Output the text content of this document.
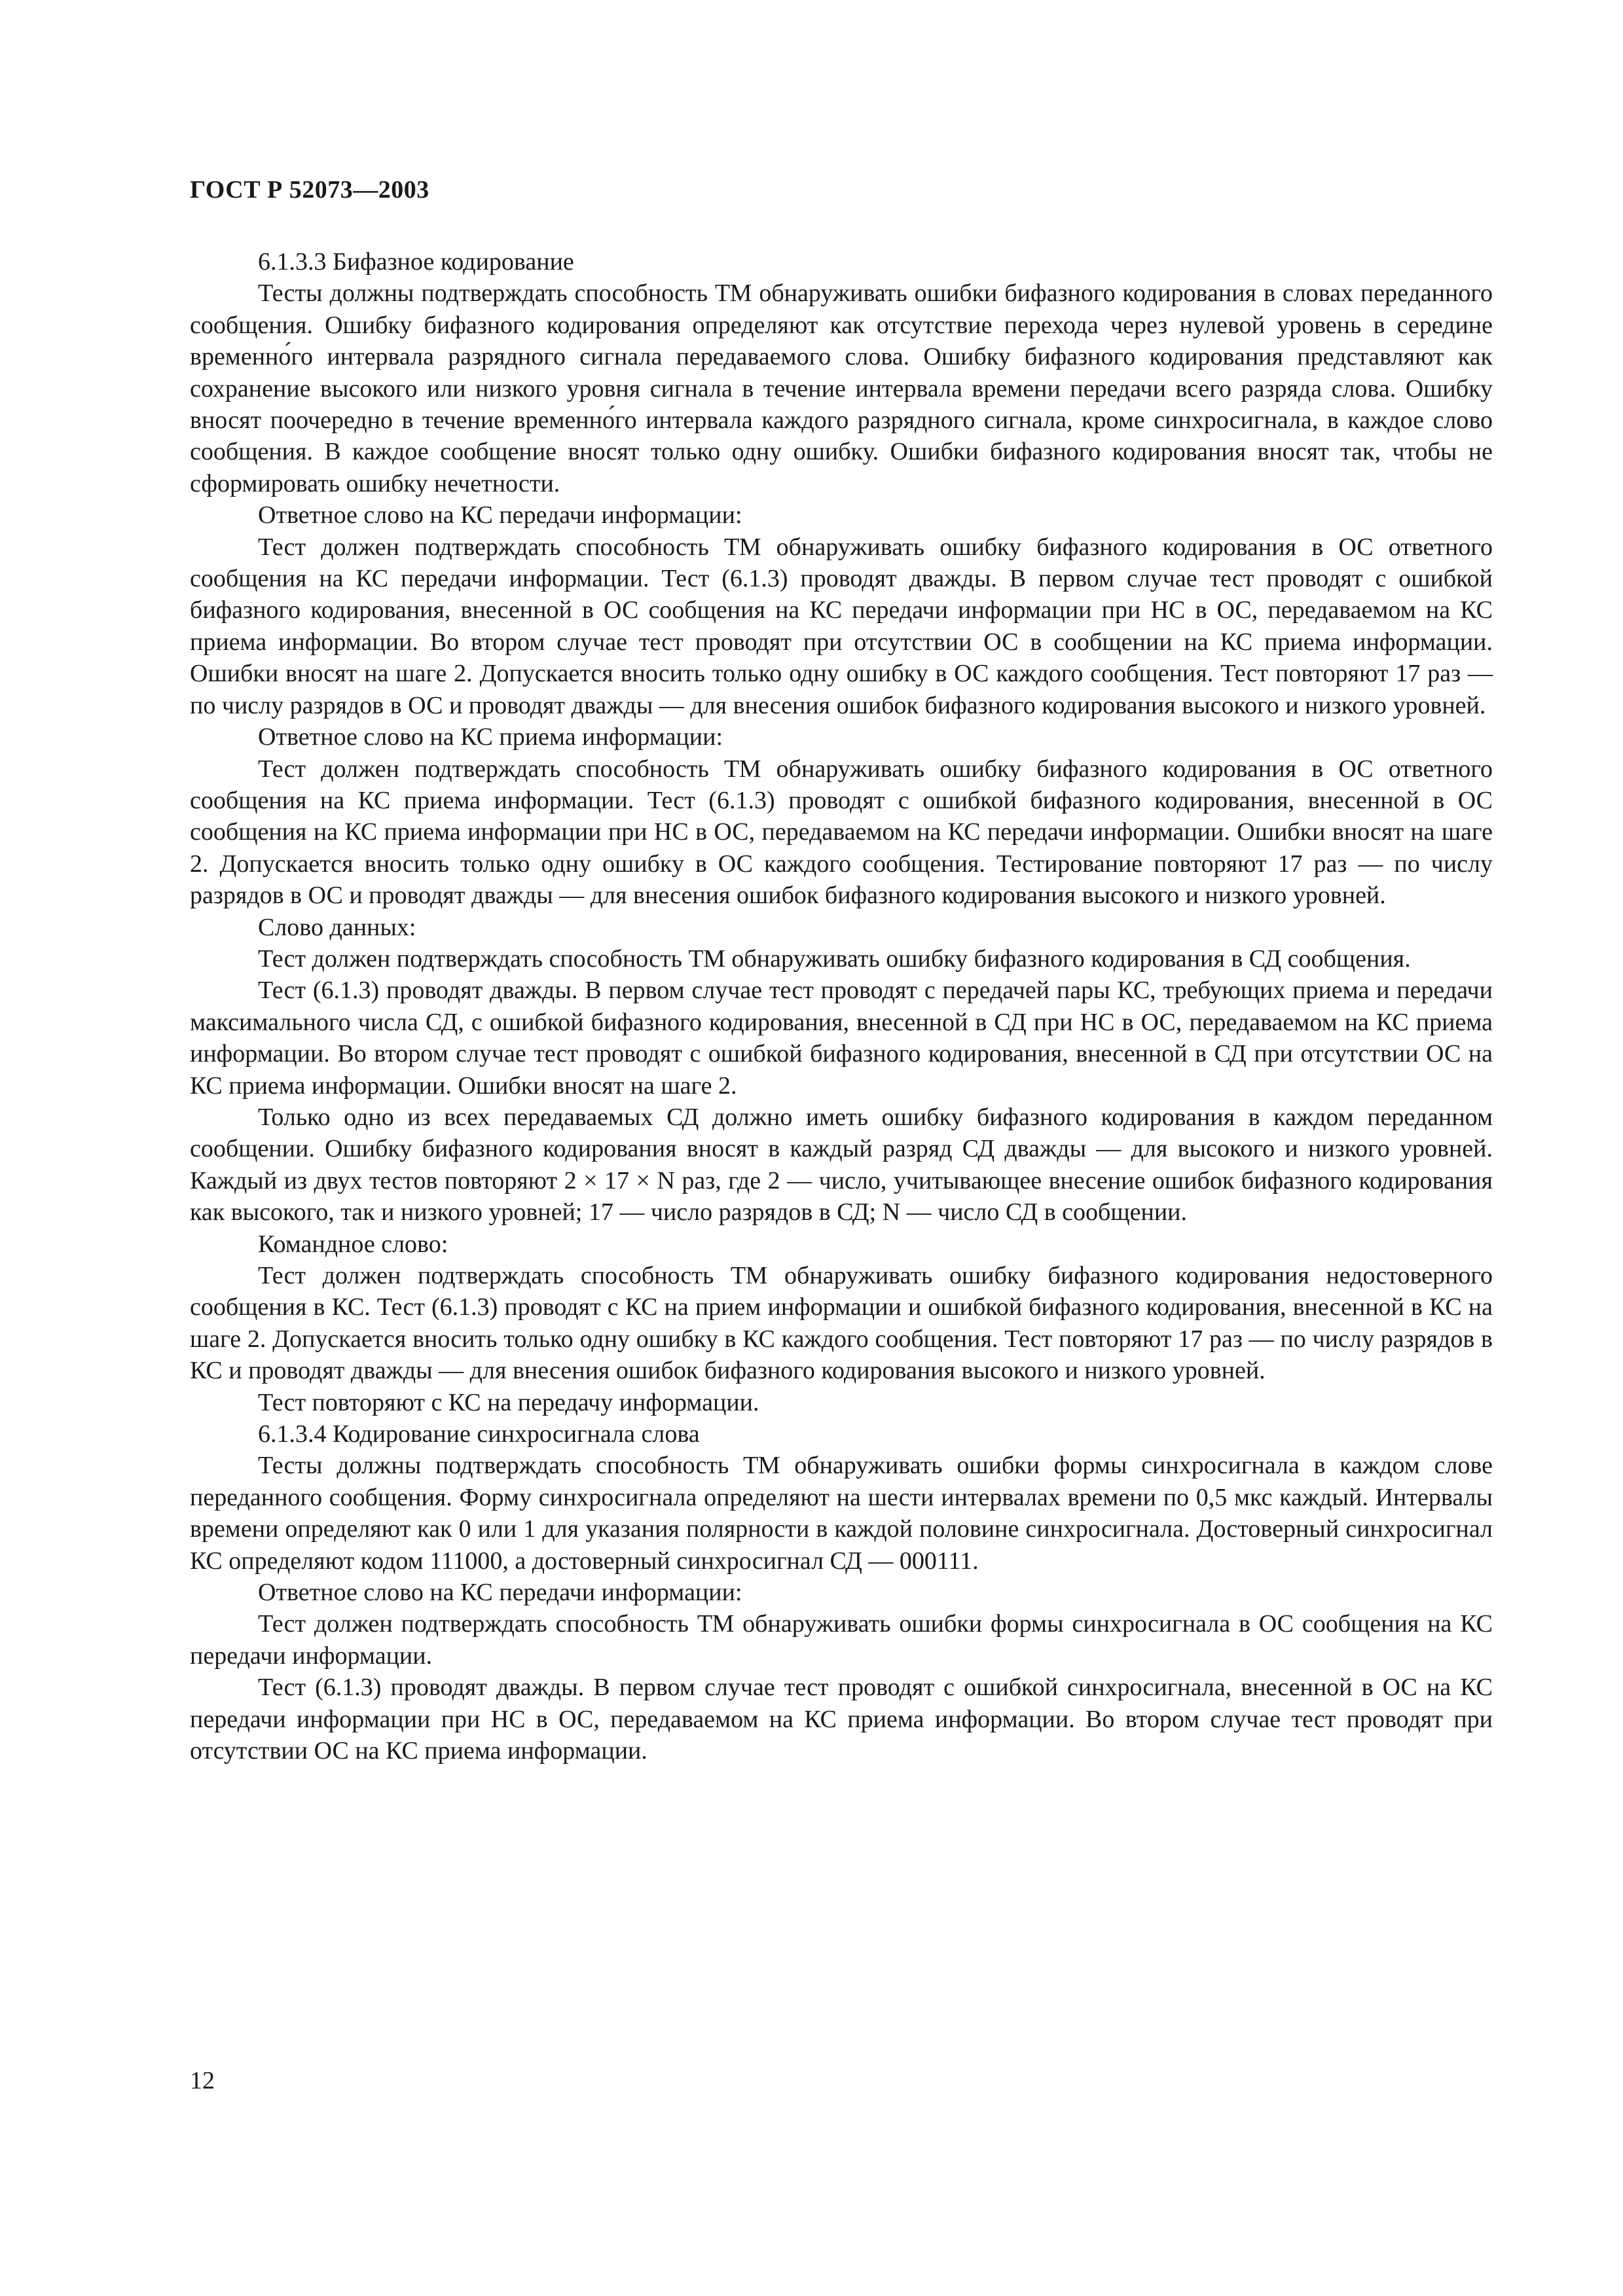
ГОСТ Р 52073—2003

6.1.3.3 Бифазное кодирование

Тесты должны подтверждать способность ТМ обнаруживать ошибки бифазного кодирования в словах переданного сообщения. Ошибку бифазного кодирования определяют как отсутствие перехода через нулевой уровень в середине временно́го интервала разрядного сигнала передаваемого слова. Ошибку бифазного кодирования представляют как сохранение высокого или низкого уровня сигнала в течение интервала времени передачи всего разряда слова. Ошибку вносят поочередно в течение временно́го интервала каждого разрядного сигнала, кроме синхросигнала, в каждое слово сообщения. В каждое сообщение вносят только одну ошибку. Ошибки бифазного кодирования вносят так, чтобы не сформировать ошибку нечетности.

Ответное слово на КС передачи информации:

Тест должен подтверждать способность ТМ обнаруживать ошибку бифазного кодирования в ОС ответного сообщения на КС передачи информации. Тест (6.1.3) проводят дважды. В первом случае тест проводят с ошибкой бифазного кодирования, внесенной в ОС сообщения на КС передачи информации при НС в ОС, передаваемом на КС приема информации. Во втором случае тест проводят при отсутствии ОС в сообщении на КС приема информации. Ошибки вносят на шаге 2. Допускается вносить только одну ошибку в ОС каждого сообщения. Тест повторяют 17 раз — по числу разрядов в ОС и проводят дважды — для внесения ошибок бифазного кодирования высокого и низкого уровней.

Ответное слово на КС приема информации:

Тест должен подтверждать способность ТМ обнаруживать ошибку бифазного кодирования в ОС ответного сообщения на КС приема информации. Тест (6.1.3) проводят с ошибкой бифазного кодирования, внесенной в ОС сообщения на КС приема информации при НС в ОС, передаваемом на КС передачи информации. Ошибки вносят на шаге 2. Допускается вносить только одну ошибку в ОС каждого сообщения. Тестирование повторяют 17 раз — по числу разрядов в ОС и проводят дважды — для внесения ошибок бифазного кодирования высокого и низкого уровней.

Слово данных:

Тест должен подтверждать способность ТМ обнаруживать ошибку бифазного кодирования в СД сообщения.

Тест (6.1.3) проводят дважды. В первом случае тест проводят с передачей пары КС, требующих приема и передачи максимального числа СД, с ошибкой бифазного кодирования, внесенной в СД при НС в ОС, передаваемом на КС приема информации. Во втором случае тест проводят с ошибкой бифазного кодирования, внесенной в СД при отсутствии ОС на КС приема информации. Ошибки вносят на шаге 2.

Только одно из всех передаваемых СД должно иметь ошибку бифазного кодирования в каждом переданном сообщении. Ошибку бифазного кодирования вносят в каждый разряд СД дважды — для высокого и низкого уровней. Каждый из двух тестов повторяют 2 × 17 × N раз, где 2 — число, учитывающее внесение ошибок бифазного кодирования как высокого, так и низкого уровней; 17 — число разрядов в СД; N — число СД в сообщении.

Командное слово:

Тест должен подтверждать способность ТМ обнаруживать ошибку бифазного кодирования недостоверного сообщения в КС. Тест (6.1.3) проводят с КС на прием информации и ошибкой бифазного кодирования, внесенной в КС на шаге 2. Допускается вносить только одну ошибку в КС каждого сообщения. Тест повторяют 17 раз — по числу разрядов в КС и проводят дважды — для внесения ошибок бифазного кодирования высокого и низкого уровней.

Тест повторяют с КС на передачу информации.

6.1.3.4 Кодирование синхросигнала слова

Тесты должны подтверждать способность ТМ обнаруживать ошибки формы синхросигнала в каждом слове переданного сообщения. Форму синхросигнала определяют на шести интервалах времени по 0,5 мкс каждый. Интервалы времени определяют как 0 или 1 для указания полярности в каждой половине синхросигнала. Достоверный синхросигнал КС определяют кодом 111000, а достоверный синхросигнал СД — 000111.

Ответное слово на КС передачи информации:

Тест должен подтверждать способность ТМ обнаруживать ошибки формы синхросигнала в ОС сообщения на КС передачи информации.

Тест (6.1.3) проводят дважды. В первом случае тест проводят с ошибкой синхросигнала, внесенной в ОС на КС передачи информации при НС в ОС, передаваемом на КС приема информации. Во втором случае тест проводят при отсутствии ОС на КС приема информации.

12
